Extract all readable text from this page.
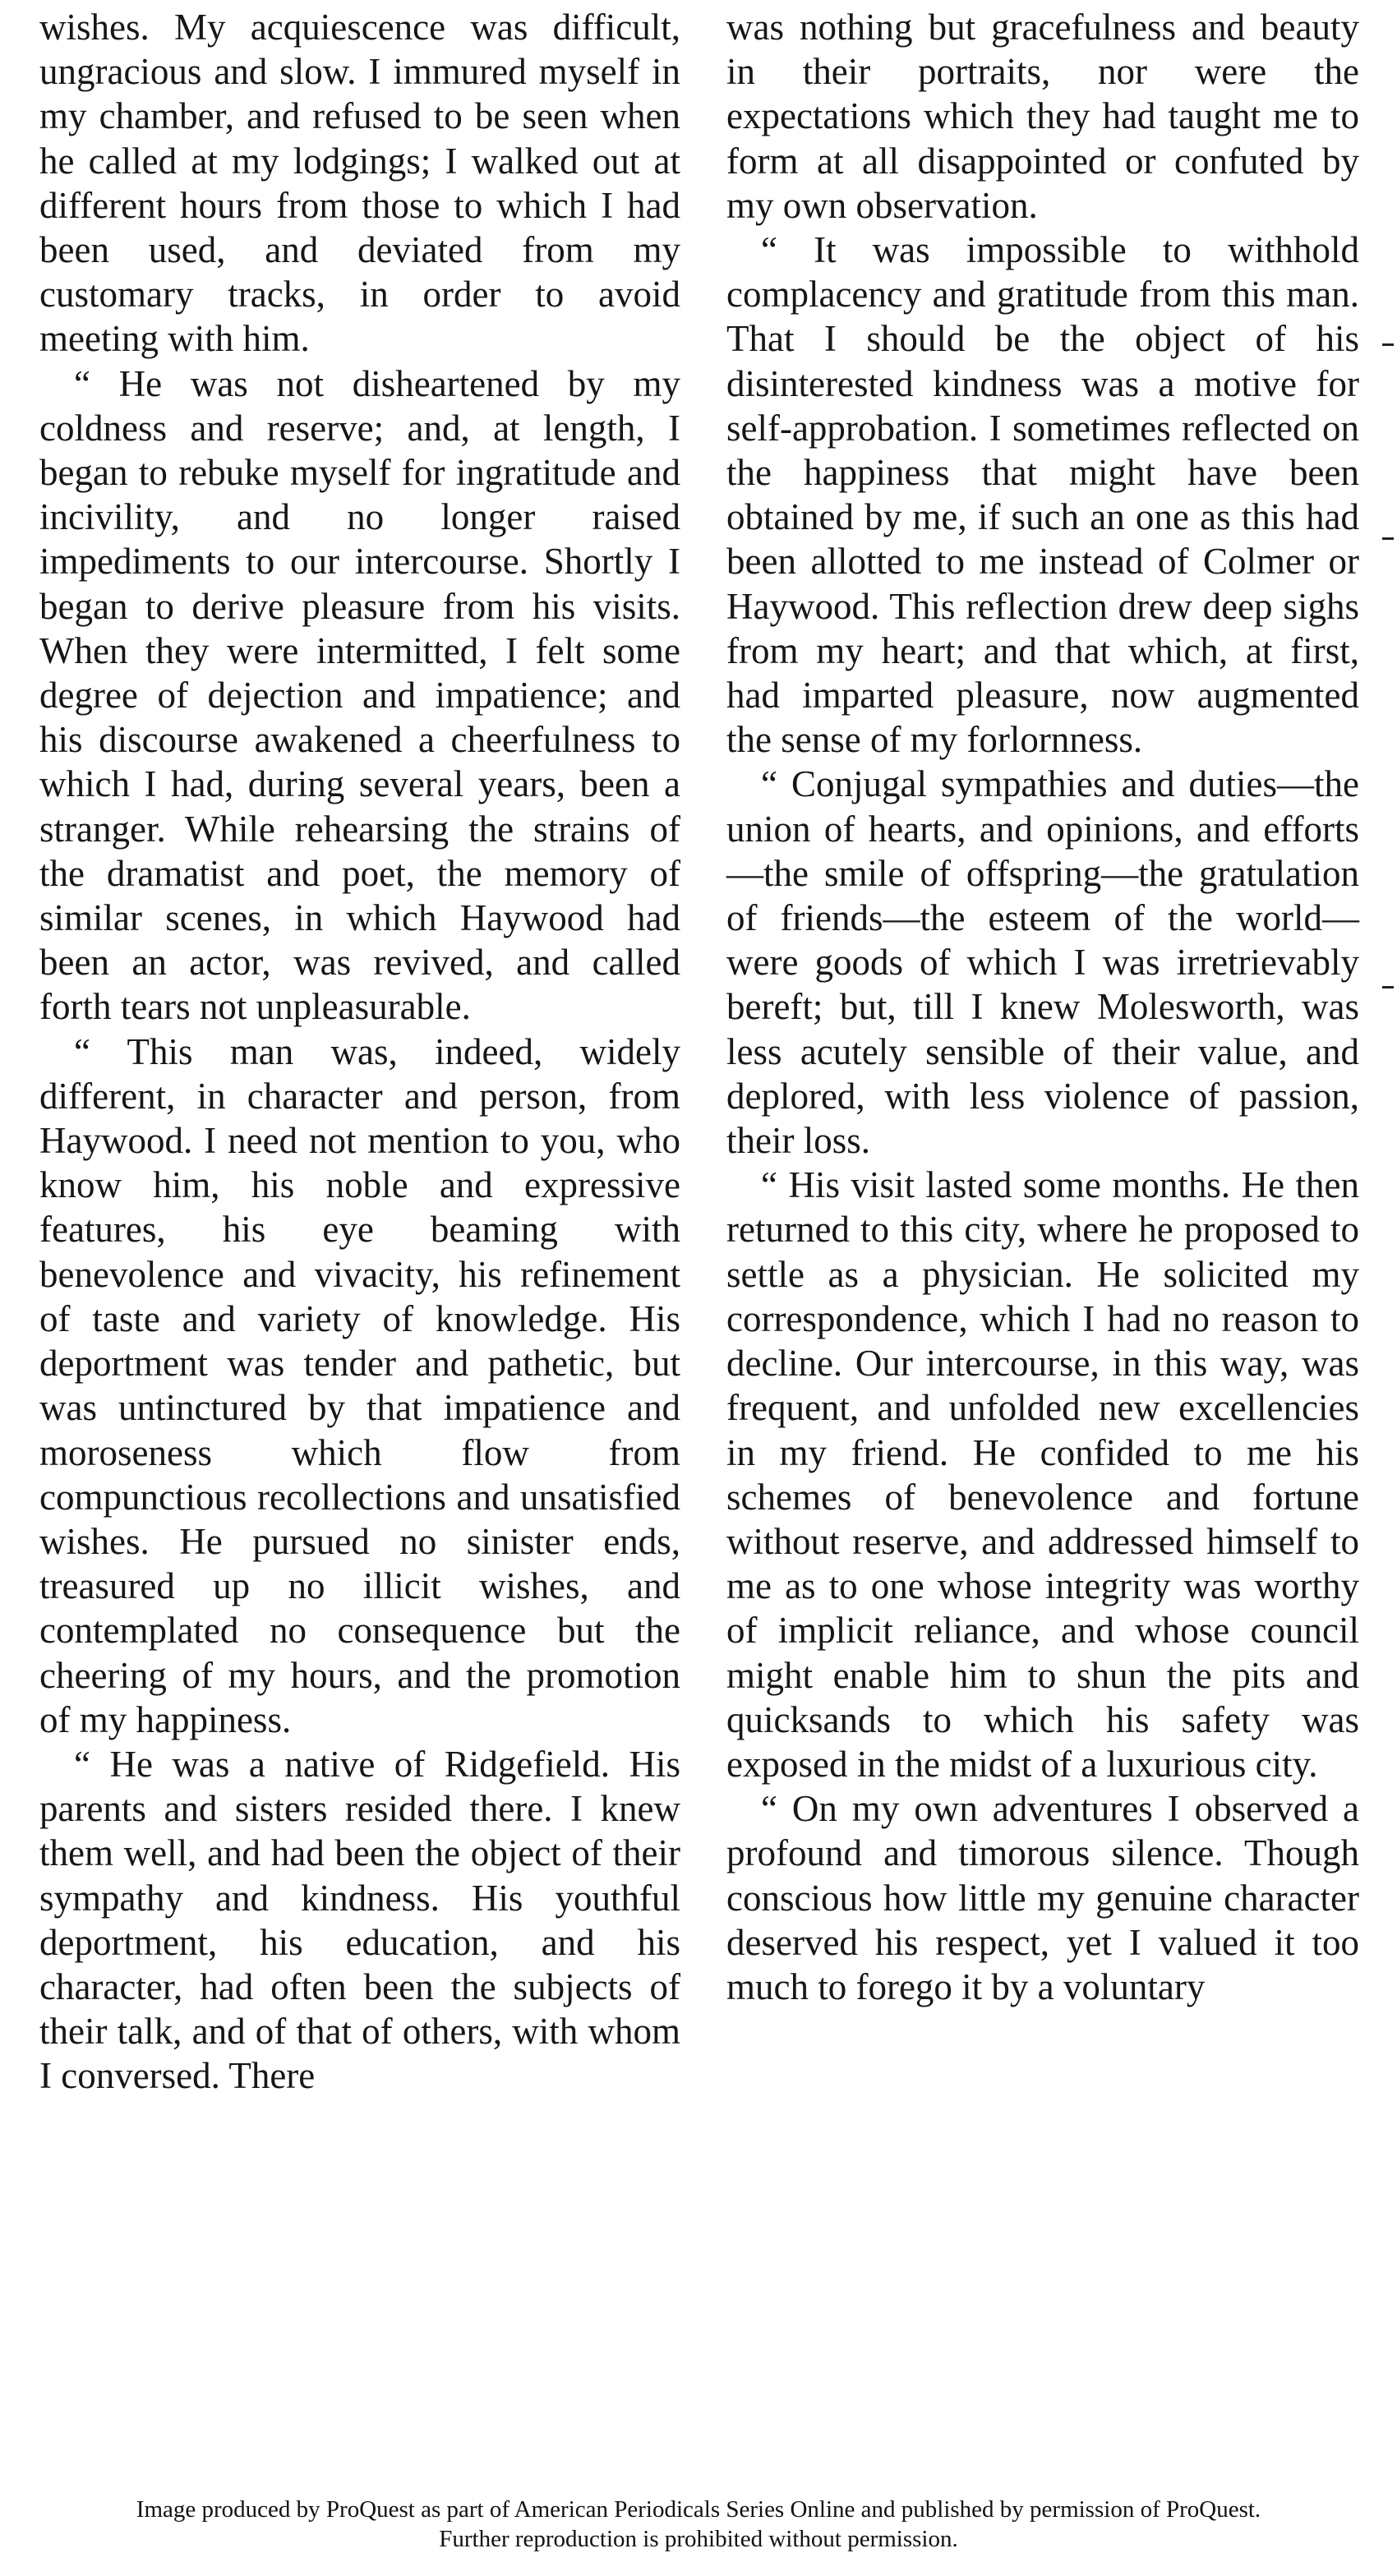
wishes. My acquiescence was difficult, ungracious and slow. I immured myself in my chamber, and refused to be seen when he called at my lodgings; I walked out at different hours from those to which I had been used, and deviated from my customary tracks, in order to avoid meeting with him.

“ He was not disheartened by my coldness and reserve; and, at length, I began to rebuke myself for ingratitude and incivility, and no longer raised impediments to our intercourse. Shortly I began to derive pleasure from his visits. When they were intermitted, I felt some degree of dejection and impatience; and his discourse awakened a cheerfulness to which I had, during several years, been a stranger. While rehearsing the strains of the dramatist and poet, the memory of similar scenes, in which Haywood had been an actor, was revived, and called forth tears not unpleasurable.

“ This man was, indeed, widely different, in character and person, from Haywood. I need not mention to you, who know him, his noble and expressive features, his eye beaming with benevolence and vivacity, his refinement of taste and variety of knowledge. His deportment was tender and pathetic, but was untinctured by that impatience and moroseness which flow from compunctious recollections and unsatisfied wishes. He pursued no sinister ends, treasured up no illicit wishes, and contemplated no consequence but the cheering of my hours, and the promotion of my happiness.

“ He was a native of Ridgefield. His parents and sisters resided there. I knew them well, and had been the object of their sympathy and kindness. His youthful deportment, his education, and his character, had often been the subjects of their talk, and of that of others, with whom I conversed. There

was nothing but gracefulness and beauty in their portraits, nor were the expectations which they had taught me to form at all disappointed or confuted by my own observation.

“ It was impossible to withhold complacency and gratitude from this man. That I should be the object of his disinterested kindness was a motive for self-approbation. I sometimes reflected on the happiness that might have been obtained by me, if such an one as this had been allotted to me instead of Colmer or Haywood. This reflection drew deep sighs from my heart; and that which, at first, had imparted pleasure, now augmented the sense of my forlornness.

“ Conjugal sympathies and duties—the union of hearts, and opinions, and efforts—the smile of offspring—the gratulation of friends—the esteem of the world—were goods of which I was irretrievably bereft; but, till I knew Molesworth, was less acutely sensible of their value, and deplored, with less violence of passion, their loss.

“ His visit lasted some months. He then returned to this city, where he proposed to settle as a physician. He solicited my correspondence, which I had no reason to decline. Our intercourse, in this way, was frequent, and unfolded new excellencies in my friend. He confided to me his schemes of benevolence and fortune without reserve, and addressed himself to me as to one whose integrity was worthy of implicit reliance, and whose council might enable him to shun the pits and quicksands to which his safety was exposed in the midst of a luxurious city.

“ On my own adventures I observed a profound and timorous silence. Though conscious how little my genuine character deserved his respect, yet I valued it too much to forego it by a voluntary

Image produced by ProQuest as part of American Periodicals Series Online and published by permission of ProQuest.
Further reproduction is prohibited without permission.
